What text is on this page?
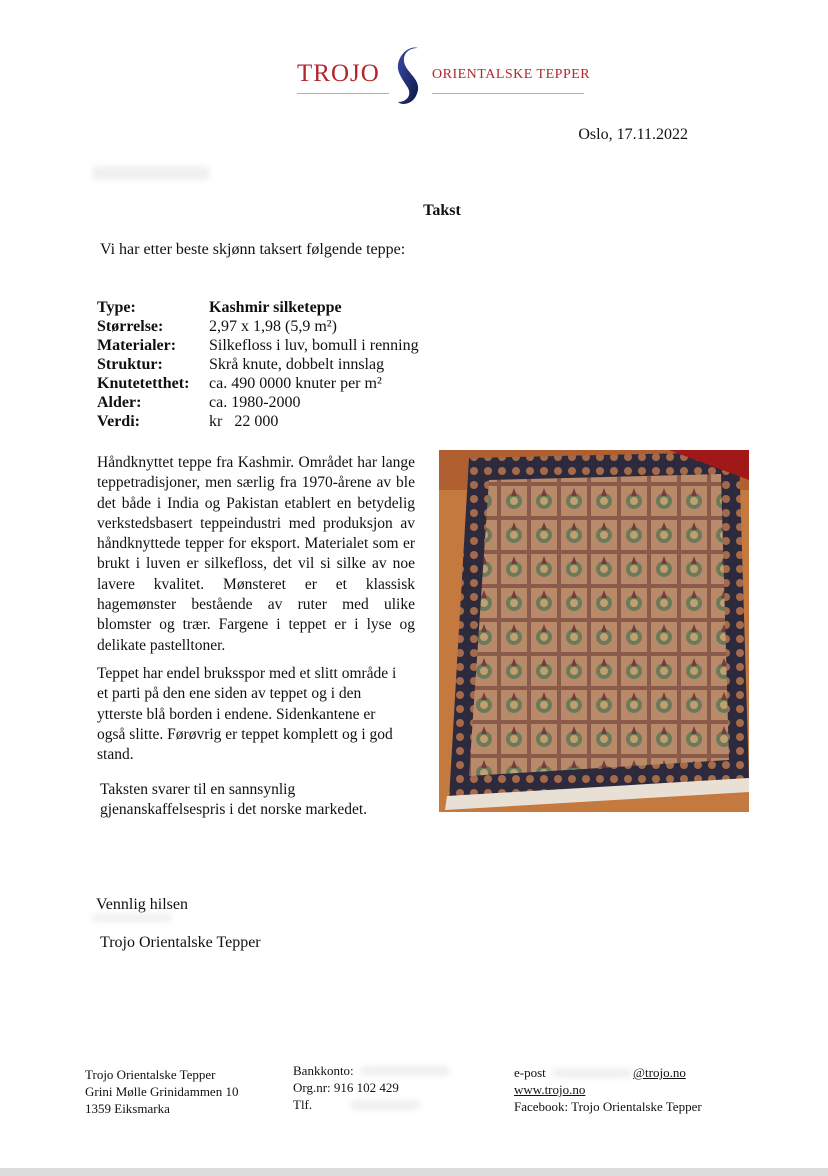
TROJO	ORIENTALSKE TEPPER
Oslo, 17.11.2022
Takst
Vi har etter beste skjønn taksert følgende teppe:
Type:	Kashmir silketeppe
Størrelse:	2,97 x 1,98 (5,9 m²)
Materialer:	Silkefloss i luv, bomull i renning
Struktur:	Skrå knute, dobbelt innslag
Knutetetthet:	ca. 490 0000 knuter per m²
Alder:	ca. 1980-2000
Verdi:	kr   22 000
Håndknyttet teppe fra Kashmir. Området har lange teppetradisjoner, men særlig fra 1970-årene av ble det både i India og Pakistan etablert en betydelig verkstedsbasert teppeindustri med produksjon av håndknyttede tepper for eksport. Materialet som er brukt i luven er silkefloss, det vil si silke av noe lavere kvalitet. Mønsteret er et klassisk hagemønster bestående av ruter med ulike blomster og trær. Fargene i teppet er i lyse og delikate pastelltoner.
Teppet har endel bruksspor med et slitt område i et parti på den ene siden av teppet og i den ytterste blå borden i endene. Sidenkantene er også slitte. Førøvrig er teppet komplett og i god stand.
Taksten svarer til en sannsynlig gjenanskaffelsespris i det norske markedet.
Vennlig hilsen
Trojo Orientalske Tepper
Trojo Orientalske Tepper
Grini Mølle Grinidammen 10
1359 Eiksmarka
Bankkonto:
Org.nr: 916 102 429
Tlf.
e-post	@trojo.no
www.trojo.no
Facebook: Trojo Orientalske Tepper
